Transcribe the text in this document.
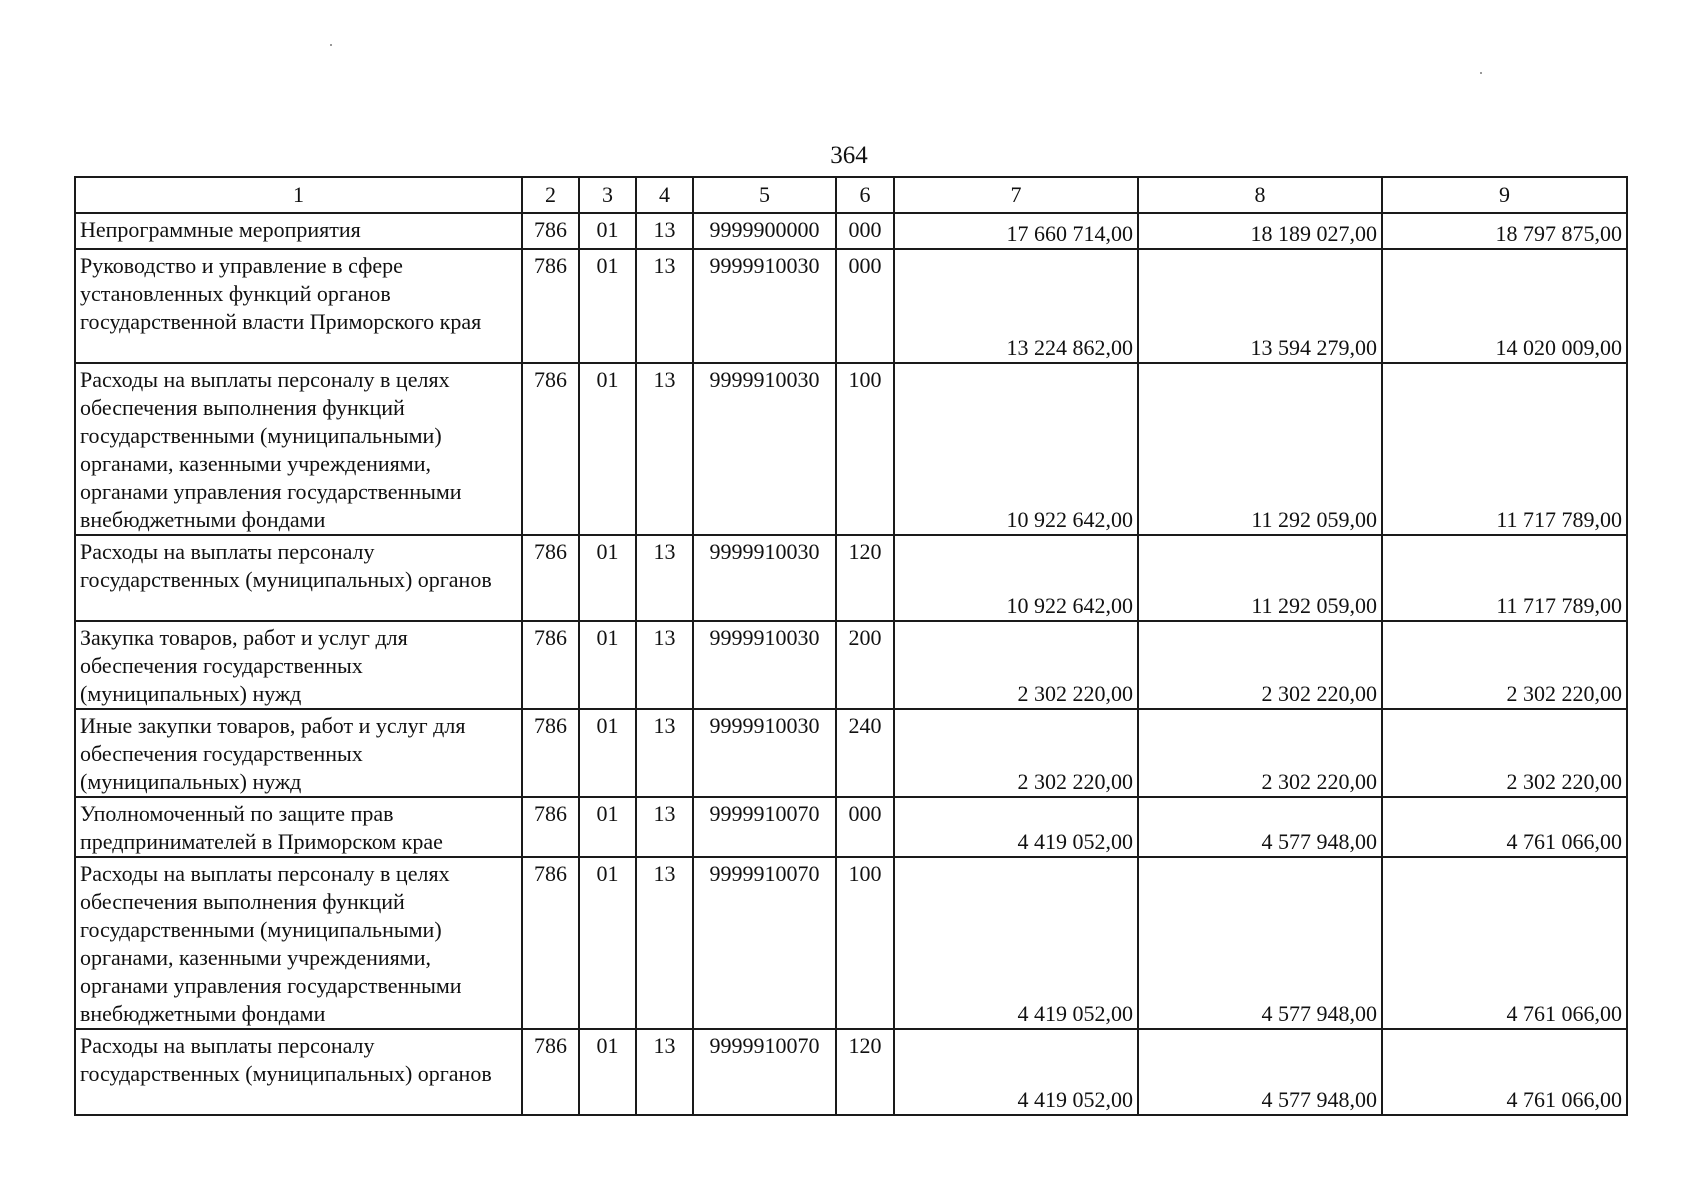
364
1	2	3	4	5	6	7	8	9
Непрограммные мероприятия	786	01	13	9999900000	000	17 660 714,00	18 189 027,00	18 797 875,00
Руководство и управление в сфере установленных функций органов государственной власти Приморского края	786	01	13	9999910030	000	13 224 862,00	13 594 279,00	14 020 009,00
Расходы на выплаты персоналу в целях обеспечения выполнения функций государственными (муниципальными) органами, казенными учреждениями, органами управления государственными внебюджетными фондами	786	01	13	9999910030	100	10 922 642,00	11 292 059,00	11 717 789,00
Расходы на выплаты персоналу государственных (муниципальных) органов	786	01	13	9999910030	120	10 922 642,00	11 292 059,00	11 717 789,00
Закупка товаров, работ и услуг для обеспечения государственных (муниципальных) нужд	786	01	13	9999910030	200	2 302 220,00	2 302 220,00	2 302 220,00
Иные закупки товаров, работ и услуг для обеспечения государственных (муниципальных) нужд	786	01	13	9999910030	240	2 302 220,00	2 302 220,00	2 302 220,00
Уполномоченный по защите прав предпринимателей в Приморском крае	786	01	13	9999910070	000	4 419 052,00	4 577 948,00	4 761 066,00
Расходы на выплаты персоналу в целях обеспечения выполнения функций государственными (муниципальными) органами, казенными учреждениями, органами управления государственными внебюджетными фондами	786	01	13	9999910070	100	4 419 052,00	4 577 948,00	4 761 066,00
Расходы на выплаты персоналу государственных (муниципальных) органов	786	01	13	9999910070	120	4 419 052,00	4 577 948,00	4 761 066,00
